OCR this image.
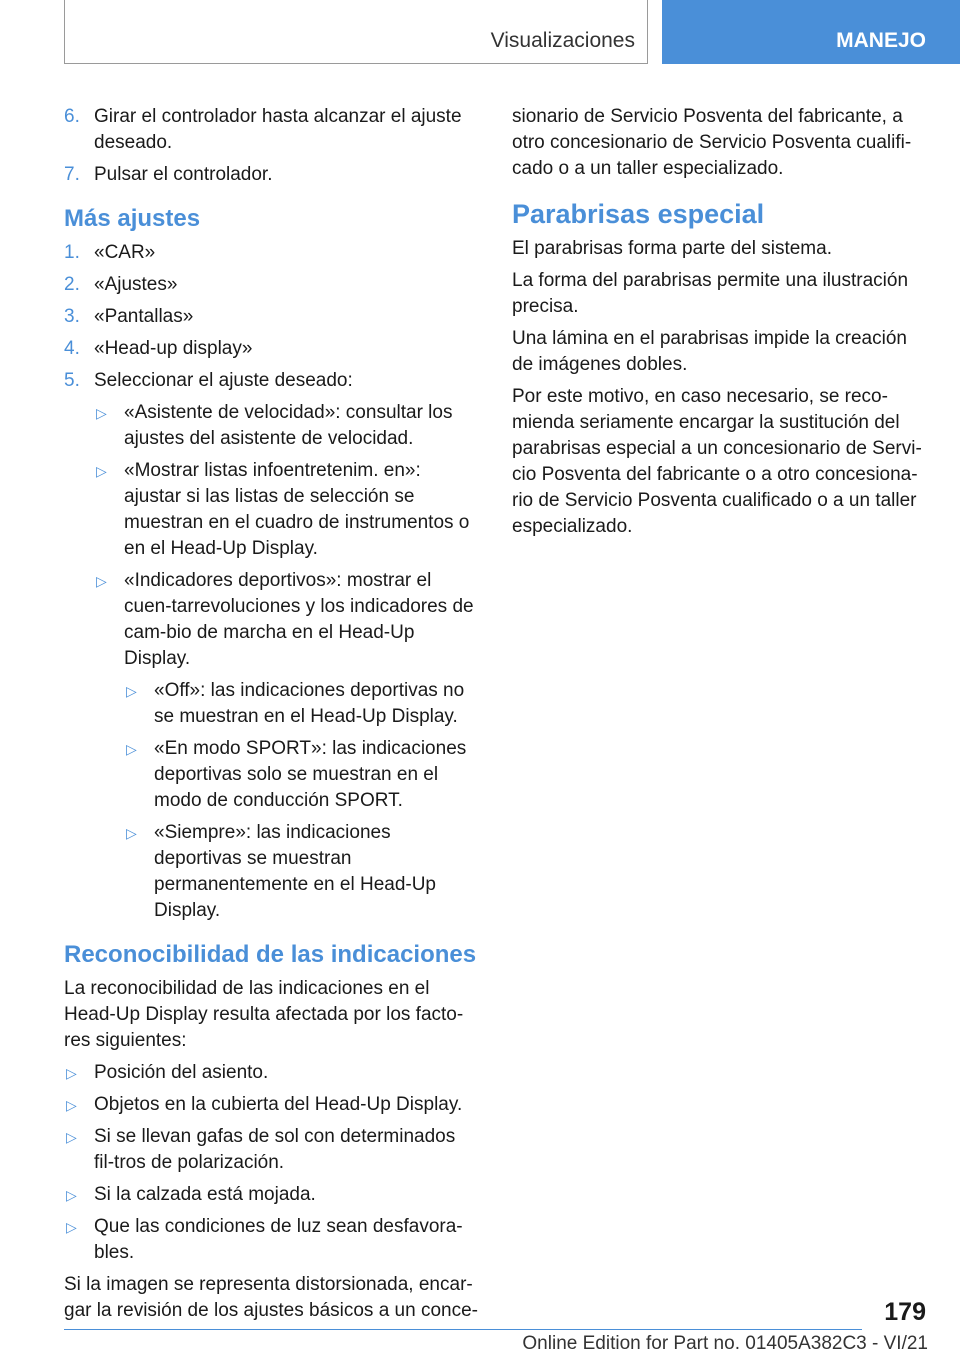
Visualizaciones	MANEJO
6. Girar el controlador hasta alcanzar el ajuste deseado.
7. Pulsar el controlador.
Más ajustes
1. «CAR»
2. «Ajustes»
3. «Pantallas»
4. «Head-up display»
5. Seleccionar el ajuste deseado:
▷ «Asistente de velocidad»: consultar los ajustes del asistente de velocidad.
▷ «Mostrar listas infoentretenim. en»: ajustar si las listas de selección se muestran en el cuadro de instrumentos o en el Head-Up Display.
▷ «Indicadores deportivos»: mostrar el cuen-tarrevoluciones y los indicadores de cam-bio de marcha en el Head-Up Display.
▷ «Off»: las indicaciones deportivas no se muestran en el Head-Up Display.
▷ «En modo SPORT»: las indicaciones deportivas solo se muestran en el modo de conducción SPORT.
▷ «Siempre»: las indicaciones deportivas se muestran permanentemente en el Head-Up Display.
Reconocibilidad de las indicaciones
La reconocibilidad de las indicaciones en el Head-Up Display resulta afectada por los facto-res siguientes:
▷ Posición del asiento.
▷ Objetos en la cubierta del Head-Up Display.
▷ Si se llevan gafas de sol con determinados fil-tros de polarización.
▷ Si la calzada está mojada.
▷ Que las condiciones de luz sean desfavora-bles.
Si la imagen se representa distorsionada, encar-gar la revisión de los ajustes básicos a un conce-
sionario de Servicio Posventa del fabricante, a otro concesionario de Servicio Posventa cualifi-cado o a un taller especializado.
Parabrisas especial
El parabrisas forma parte del sistema.
La forma del parabrisas permite una ilustración precisa.
Una lámina en el parabrisas impide la creación de imágenes dobles.
Por este motivo, en caso necesario, se reco-mienda seriamente encargar la sustitución del parabrisas especial a un concesionario de Servi-cio Posventa del fabricante o a otro concesiona-rio de Servicio Posventa cualificado o a un taller especializado.
179
Online Edition for Part no. 01405A382C3 - VI/21
